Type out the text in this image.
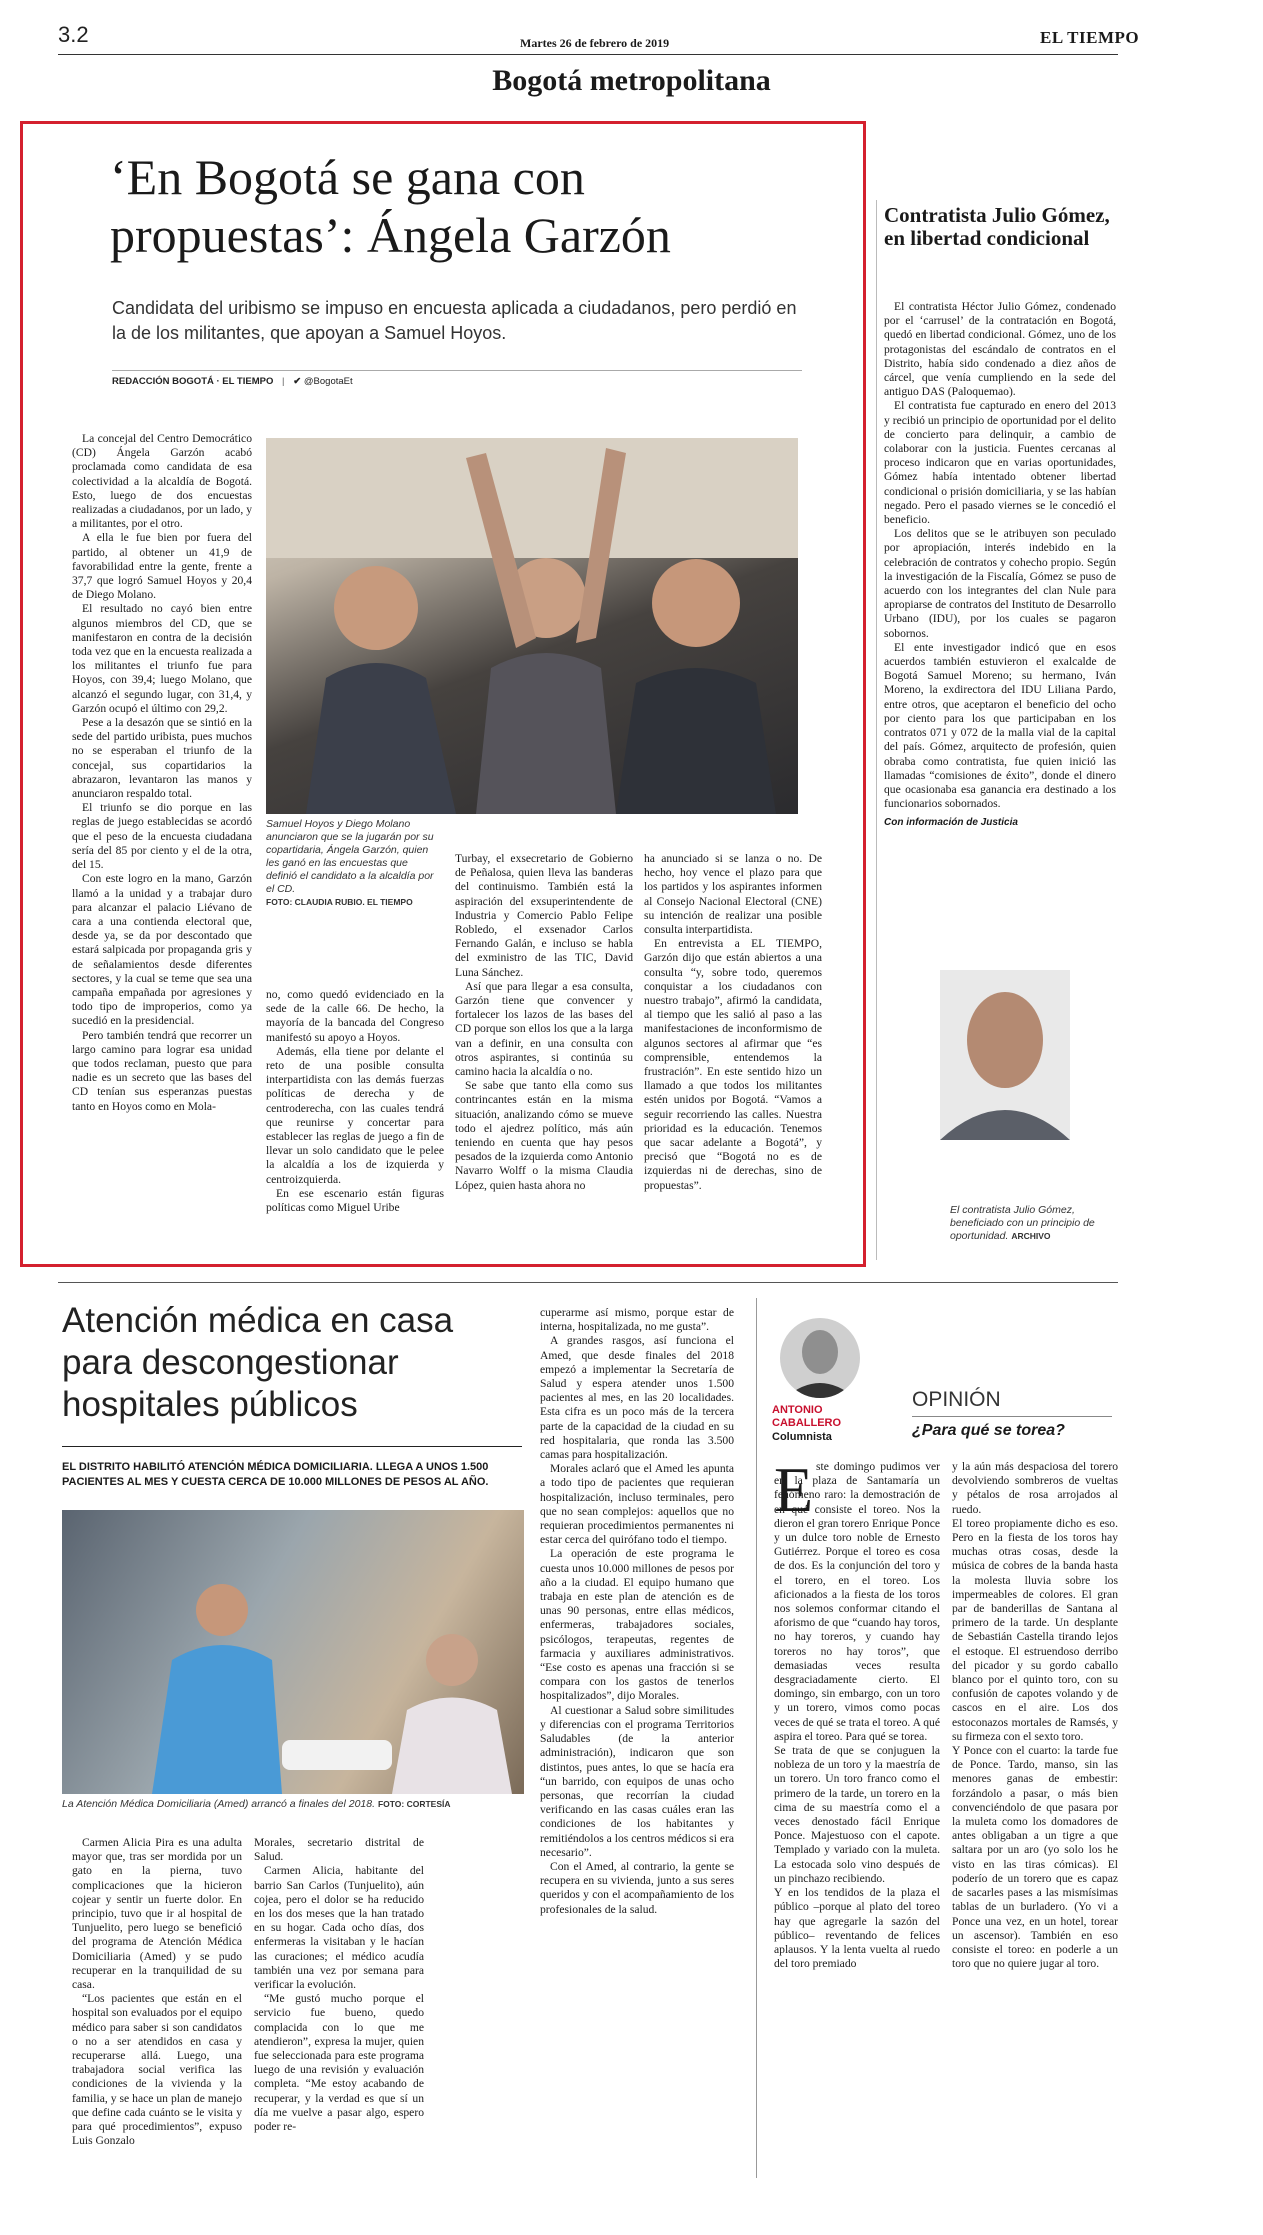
3.2	Martes 26 de febrero de 2019	EL TIEMPO
Bogotá metropolitana
‘En Bogotá se gana con propuestas’: Ángela Garzón
Candidata del uribismo se impuso en encuesta aplicada a ciudadanos, pero perdió en la de los militantes, que apoyan a Samuel Hoyos.
REDACCIÓN BOGOTÁ · EL TIEMPO | ✔ @BogotaEt

La concejal del Centro Democrático (CD) Ángela Garzón acabó proclamada como candidata de esa colectividad a la alcaldía de Bogotá. Esto, luego de dos encuestas realizadas a ciudadanos, por un lado, y a militantes, por el otro.

A ella le fue bien por fuera del partido, al obtener un 41,9 de favorabilidad entre la gente, frente a 37,7 que logró Samuel Hoyos y 20,4 de Diego Molano.

El resultado no cayó bien entre algunos miembros del CD, que se manifestaron en contra de la decisión toda vez que en la encuesta realizada a los militantes el triunfo fue para Hoyos, con 39,4; luego Molano, que alcanzó el segundo lugar, con 31,4, y Garzón ocupó el último con 29,2.

Pese a la desazón que se sintió en la sede del partido uribista, pues muchos no se esperaban el triunfo de la concejal, sus copartidarios la abrazaron, levantaron las manos y anunciaron respaldo total.

El triunfo se dio porque en las reglas de juego establecidas se acordó que el peso de la encuesta ciudadana sería del 85 por ciento y el de la otra, del 15.

Con este logro en la mano, Garzón llamó a la unidad y a trabajar duro para alcanzar el palacio Liévano de cara a una contienda electoral que, desde ya, se da por descontado que estará salpicada por propaganda gris y de señalamientos desde diferentes sectores, y la cual se teme que sea una campaña empañada por agresiones y todo tipo de improperios, como ya sucedió en la presidencial.

Pero también tendrá que recorrer un largo camino para lograr esa unidad que todos reclaman, puesto que para nadie es un secreto que las bases del CD tenían sus esperanzas puestas tanto en Hoyos como en Mola-

Samuel Hoyos y Diego Molano anunciaron que se la jugarán por su copartidaria, Ángela Garzón, quien les ganó en las encuestas que definió el candidato a la alcaldía por el CD.
FOTO: CLAUDIA RUBIO. EL TIEMPO

no, como quedó evidenciado en la sede de la calle 66. De hecho, la mayoría de la bancada del Congreso manifestó su apoyo a Hoyos.

Además, ella tiene por delante el reto de una posible consulta interpartidista con las demás fuerzas políticas de derecha y de centroderecha, con las cuales tendrá que reunirse y concertar para establecer las reglas de juego a fin de llevar un solo candidato que le pelee la alcaldía a los de izquierda y centroizquierda.

En ese escenario están figuras políticas como Miguel Uribe

Turbay, el exsecretario de Gobierno de Peñalosa, quien lleva las banderas del continuismo. También está la aspiración del exsuperintendente de Industria y Comercio Pablo Felipe Robledo, el exsenador Carlos Fernando Galán, e incluso se habla del exministro de las TIC, David Luna Sánchez.

Así que para llegar a esa consulta, Garzón tiene que convencer y fortalecer los lazos de las bases del CD porque son ellos los que a la larga van a definir, en una consulta con otros aspirantes, si continúa su camino hacia la alcaldía o no.

Se sabe que tanto ella como sus contrincantes están en la misma situación, analizando cómo se mueve todo el ajedrez político, más aún teniendo en cuenta que hay pesos pesados de la izquierda como Antonio Navarro Wolff o la misma Claudia López, quien hasta ahora no

ha anunciado si se lanza o no. De hecho, hoy vence el plazo para que los partidos y los aspirantes informen al Consejo Nacional Electoral (CNE) su intención de realizar una posible consulta interpartidista.

En entrevista a EL TIEMPO, Garzón dijo que están abiertos a una consulta “y, sobre todo, queremos conquistar a los ciudadanos con nuestro trabajo”, afirmó la candidata, al tiempo que les salió al paso a las manifestaciones de inconformismo de algunos sectores al afirmar que “es comprensible, entendemos la frustración”. En este sentido hizo un llamado a que todos los militantes estén unidos por Bogotá. “Vamos a seguir recorriendo las calles. Nuestra prioridad es la educación. Tenemos que sacar adelante a Bogotá”, y precisó que “Bogotá no es de izquierdas ni de derechas, sino de propuestas”.

Contratista Julio Gómez, en libertad condicional

El contratista Héctor Julio Gómez, condenado por el ‘carrusel’ de la contratación en Bogotá, quedó en libertad condicional. Gómez, uno de los protagonistas del escándalo de contratos en el Distrito, había sido condenado a diez años de cárcel, que venía cumpliendo en la sede del antiguo DAS (Paloquemao).

El contratista fue capturado en enero del 2013 y recibió un principio de oportunidad por el delito de concierto para delinquir, a cambio de colaborar con la justicia. Fuentes cercanas al proceso indicaron que en varias oportunidades, Gómez había intentado obtener libertad condicional o prisión domiciliaria, y se las habían negado. Pero el pasado viernes se le concedió el beneficio.

Los delitos que se le atribuyen son peculado por apropiación, interés indebido en la celebración de contratos y cohecho propio. Según la investigación de la Fiscalía, Gómez se puso de acuerdo con los integrantes del clan Nule para apropiarse de contratos del Instituto de Desarrollo Urbano (IDU), por los cuales se pagaron sobornos.

El ente investigador indicó que en esos acuerdos también estuvieron el exalcalde de Bogotá Samuel Moreno; su hermano, Iván Moreno, la exdirectora del IDU Liliana Pardo, entre otros, que aceptaron el beneficio del ocho por ciento para los que participaban en los contratos 071 y 072 de la malla vial de la capital del país. Gómez, arquitecto de profesión, quien obraba como contratista, fue quien inició las llamadas “comisiones de éxito”, donde el dinero que ocasionaba esa ganancia era destinado a los funcionarios sobornados.

Con información de Justicia

El contratista Julio Gómez, beneficiado con un principio de oportunidad. ARCHIVO
Atención médica en casa para descongestionar hospitales públicos
EL DISTRITO HABILITÓ ATENCIÓN MÉDICA DOMICILIARIA. LLEGA A UNOS 1.500 PACIENTES AL MES Y CUESTA CERCA DE 10.000 MILLONES DE PESOS AL AÑO.
La Atención Médica Domiciliaria (Amed) arrancó a finales del 2018. FOTO: CORTESÍA

Carmen Alicia Pira es una adulta mayor que, tras ser mordida por un gato en la pierna, tuvo complicaciones que la hicieron cojear y sentir un fuerte dolor. En principio, tuvo que ir al hospital de Tunjuelito, pero luego se benefició del programa de Atención Médica Domiciliaria (Amed) y se pudo recuperar en la tranquilidad de su casa.

“Los pacientes que están en el hospital son evaluados por el equipo médico para saber si son candidatos o no a ser atendidos en casa y recuperarse allá. Luego, una trabajadora social verifica las condiciones de la vivienda y la familia, y se hace un plan de manejo que define cada cuánto se le visita y para qué procedimientos”, expuso Luis Gonzalo

Morales, secretario distrital de Salud.

Carmen Alicia, habitante del barrio San Carlos (Tunjuelito), aún cojea, pero el dolor se ha reducido en los dos meses que la han tratado en su hogar. Cada ocho días, dos enfermeras la visitaban y le hacían las curaciones; el médico acudía también una vez por semana para verificar la evolución.

“Me gustó mucho porque el servicio fue bueno, quedo complacida con lo que me atendieron”, expresa la mujer, quien fue seleccionada para este programa luego de una revisión y evaluación completa. “Me estoy acabando de recuperar, y la verdad es que sí un día me vuelve a pasar algo, espero poder re-

cuperarme así mismo, porque estar de interna, hospitalizada, no me gusta”.

A grandes rasgos, así funciona el Amed, que desde finales del 2018 empezó a implementar la Secretaría de Salud y espera atender unos 1.500 pacientes al mes, en las 20 localidades. Esta cifra es un poco más de la tercera parte de la capacidad de la ciudad en su red hospitalaria, que ronda las 3.500 camas para hospitalización.

Morales aclaró que el Amed les apunta a todo tipo de pacientes que requieran hospitalización, incluso terminales, pero que no sean complejos: aquellos que no requieran procedimientos permanentes ni estar cerca del quirófano todo el tiempo.

La operación de este programa le cuesta unos 10.000 millones de pesos por año a la ciudad. El equipo humano que trabaja en este plan de atención es de unas 90 personas, entre ellas médicos, enfermeras, trabajadores sociales, psicólogos, terapeutas, regentes de farmacia y auxiliares administrativos. “Ese costo es apenas una fracción si se compara con los gastos de tenerlos hospitalizados”, dijo Morales.

Al cuestionar a Salud sobre similitudes y diferencias con el programa Territorios Saludables (de la anterior administración), indicaron que son distintos, pues antes, lo que se hacía era “un barrido, con equipos de unas ocho personas, que recorrían la ciudad verificando en las casas cuáles eran las condiciones de los habitantes y remitiéndolos a los centros médicos si era necesario”.

Con el Amed, al contrario, la gente se recupera en su vivienda, junto a sus seres queridos y con el acompañamiento de los profesionales de la salud.

ANTONIO
CABALLERO
Columnista
OPINIÓN
¿Para qué se torea?
E ste domingo pudimos ver en la plaza de Santamaría un fenómeno raro: la demostración de en qué consiste el toreo. Nos la dieron el gran torero Enrique Ponce y un dulce toro noble de Ernesto Gutiérrez. Porque el toreo es cosa de dos. Es la conjunción del toro y el torero, en el toreo. Los aficionados a la fiesta de los toros nos solemos conformar citando el aforismo de que “cuando hay toros, no hay toreros, y cuando hay toreros no hay toros”, que demasiadas veces resulta desgraciadamente cierto. El domingo, sin embargo, con un toro y un torero, vimos como pocas veces de qué se trata el toreo. A qué aspira el toreo. Para qué se torea.

Se trata de que se conjuguen la nobleza de un toro y la maestría de un torero. Un toro franco como el primero de la tarde, un torero en la cima de su maestría como el a veces denostado fácil Enrique Ponce. Majestuoso con el capote. Templado y variado con la muleta. La estocada solo vino después de un pinchazo recibiendo.

Y en los tendidos de la plaza el público –porque al plato del toreo hay que agregarle la sazón del público– reventando de felices aplausos. Y la lenta vuelta al ruedo del toro premiado

y la aún más despaciosa del torero devolviendo sombreros de vueltas y pétalos de rosa arrojados al ruedo.

El toreo propiamente dicho es eso. Pero en la fiesta de los toros hay muchas otras cosas, desde la música de cobres de la banda hasta la molesta lluvia sobre los impermeables de colores. El gran par de banderillas de Santana al primero de la tarde. Un desplante de Sebastián Castella tirando lejos el estoque. El estruendoso derribo del picador y su gordo caballo blanco por el quinto toro, con su confusión de capotes volando y de cascos en el aire. Los dos estoconazos mortales de Ramsés, y su firmeza con el sexto toro.

Y Ponce con el cuarto: la tarde fue de Ponce. Tardo, manso, sin las menores ganas de embestir: forzándolo a pasar, o más bien convenciéndolo de que pasara por la muleta como los domadores de antes obligaban a un tigre a que saltara por un aro (yo solo los he visto en las tiras cómicas). El poderío de un torero que es capaz de sacarles pases a las mismísimas tablas de un burladero. (Yo vi a Ponce una vez, en un hotel, torear un ascensor). También en eso consiste el toreo: en poderle a un toro que no quiere jugar al toro.
